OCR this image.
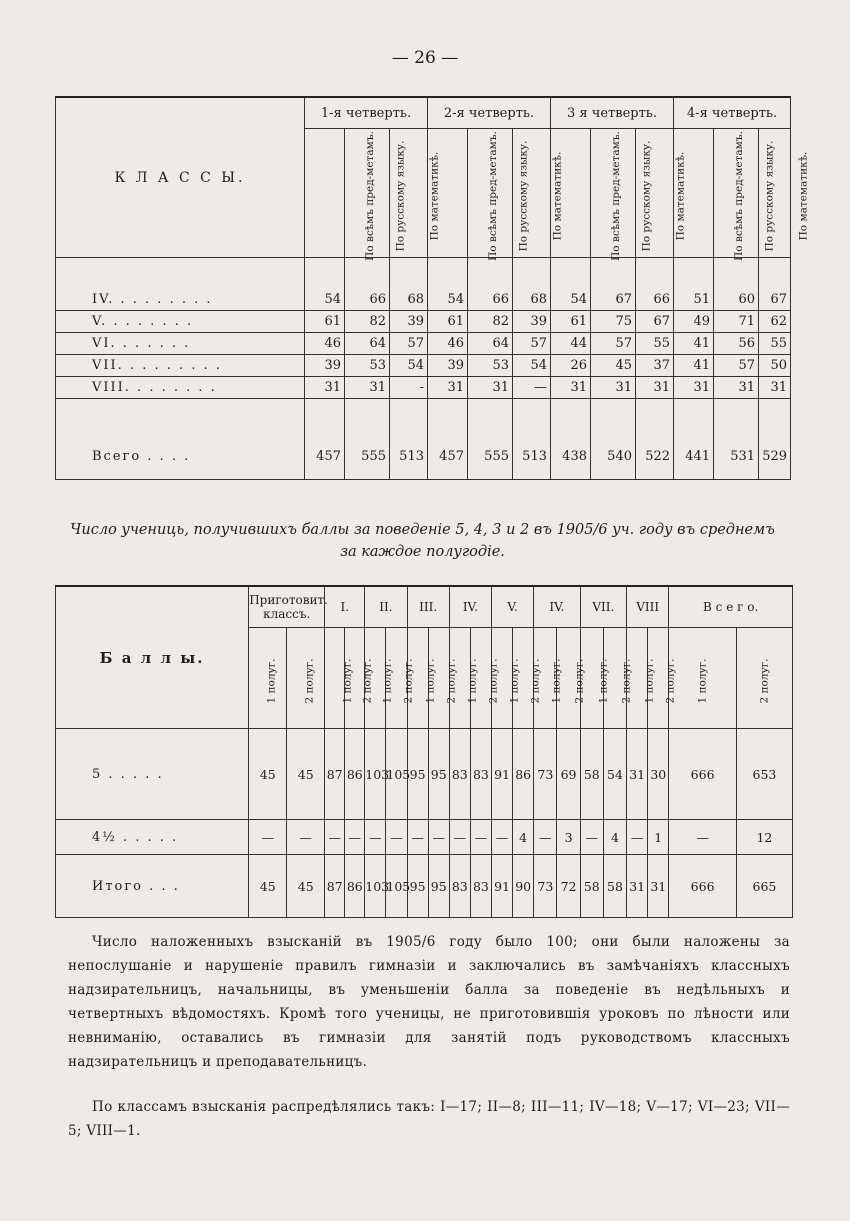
— 26 —
К Л А С С Ы.	1-я четверть.			2-я четверть.			3 я четверть.			4-я четверть.		
	По всѣмъ пред-метамъ.	По русскому языку.	По математикѣ.	По всѣмъ пред-метамъ.	По русскому языку.	По математикѣ.	По всѣмъ пред-метамъ.	По русскому языку.	По математикѣ.	По всѣмъ пред-метамъ.	По русскому языку.	По математикѣ.
IV. . . . . . . . .	54	66	68	54	66	68	54	67	66	51	60	67
V. . . . . . . .	61	82	39	61	82	39	61	75	67	49	71	62
VI. . . . . . .	46	64	57	46	64	57	44	57	55	41	56	55
VII. . . . . . . . .	39	53	54	39	53	54	26	45	37	41	57	50
VIII. . . . . . . .	31	31	-	31	31	—	31	31	31	31	31	31
Всего . . . .	457	555	513	457	555	513	438	540	522	441	531	529
Число учениць, получившихъ баллы за поведенiе 5, 4, 3 и 2 въ 1905/6 уч. году въ среднемъ
за каждое полугодiе.
Б а л л ы.	Приготовит. классъ.		I.		II.		III.		IV.		V.		IV.		VII.		VIII		В с е г о.	
	1 полуг.	2 полуг.	1 полуг.	2 полуг.	1 полуг.	2 полуг.	1 полуг.	2 полуг.	1 полуг.	2 полуг.	1 полуг.	2 полуг.	1 полуг.	2 полуг.	1 полуг.	2 полуг.	1 полуг.	2 полуг.	1 полуг.	2 полуг.
5 . . . . .	45	45	87	86	103	105	95	95	83	83	91	86	73	69	58	54	31	30	666	653
4½ . . . . .	—	—	—	—	—	—	—	—	—	—	—	4	—	3	—	4	—	1	—	12
Итого . . .	45	45	87	86	103	105	95	95	83	83	91	90	73	72	58	58	31	31	666	665
Число наложенныхъ взысканiй въ 1905/6 году было 100; они были наложены за непослушанiе и нарушенiе правилъ гимназiи и заключались въ замѣчанiяхъ классныхъ надзирательницъ, начальницы, въ уменьшенiи балла за поведенiе въ недѣльныхъ и четвертныхъ вѣдомостяхъ. Кромѣ того ученицы, не приготовившiя уроковъ по лѣности или невниманiю, оставались въ гимназiи для занятiй подъ руководствомъ классныхъ надзирательницъ и преподавательницъ.
По классамъ взысканiя распредѣлялись такъ: I—17; II—8; III—11; IV—18; V—17; VI—23; VII—5; VIII—1.
